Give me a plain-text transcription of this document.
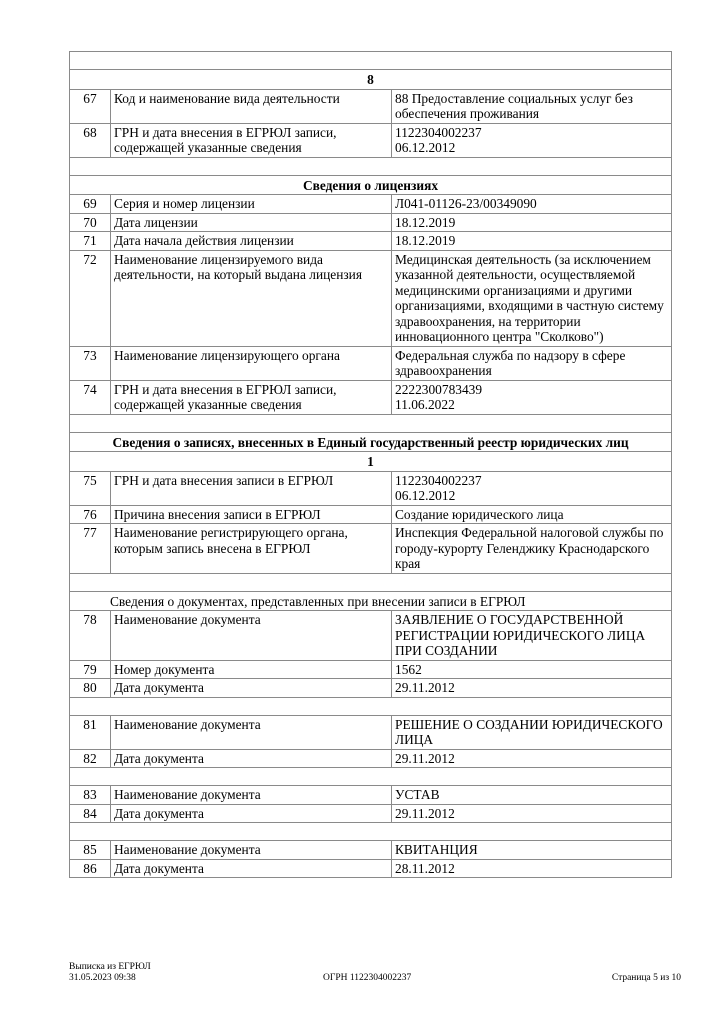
8		
67	Код и наименование вида деятельности	88 Предоставление социальных услуг без обеспечения проживания
68	ГРН и дата внесения в ЕГРЮЛ записи, содержащей указанные сведения	1122304002237
06.12.2012

Сведения о лицензиях		
69	Серия и номер лицензии	Л041-01126-23/00349090
70	Дата лицензии	18.12.2019
71	Дата начала действия лицензии	18.12.2019
72	Наименование лицензируемого вида деятельности, на который выдана лицензия	Медицинская деятельность (за исключением указанной деятельности, осуществляемой медицинскими организациями и другими организациями, входящими в частную систему здравоохранения, на территории инновационного центра "Сколково")
73	Наименование лицензирующего органа	Федеральная служба по надзору в сфере здравоохранения
74	ГРН и дата внесения в ЕГРЮЛ записи, содержащей указанные сведения	2222300783439
11.06.2022

Сведения о записях, внесенных в Единый государственный реестр юридических лиц		
1		
75	ГРН и дата внесения записи в ЕГРЮЛ	1122304002237
06.12.2012
76	Причина внесения записи в ЕГРЮЛ	Создание юридического лица
77	Наименование регистрирующего органа, которым запись внесена в ЕГРЮЛ	Инспекция Федеральной налоговой службы по городу-курорту Геленджику Краснодарского края

Сведения о документах, представленных при внесении записи в ЕГРЮЛ		
78	Наименование документа	ЗАЯВЛЕНИЕ О ГОСУДАРСТВЕННОЙ РЕГИСТРАЦИИ ЮРИДИЧЕСКОГО ЛИЦА ПРИ СОЗДАНИИ
79	Номер документа	1562
80	Дата документа	29.11.2012

81	Наименование документа	РЕШЕНИЕ О СОЗДАНИИ ЮРИДИЧЕСКОГО ЛИЦА
82	Дата документа	29.11.2012

83	Наименование документа	УСТАВ
84	Дата документа	29.11.2012

85	Наименование документа	КВИТАНЦИЯ
86	Дата документа	28.11.2012
Выписка из ЕГРЮЛ
31.05.2023 09:38	ОГРН 1122304002237	Страница 5 из 10
